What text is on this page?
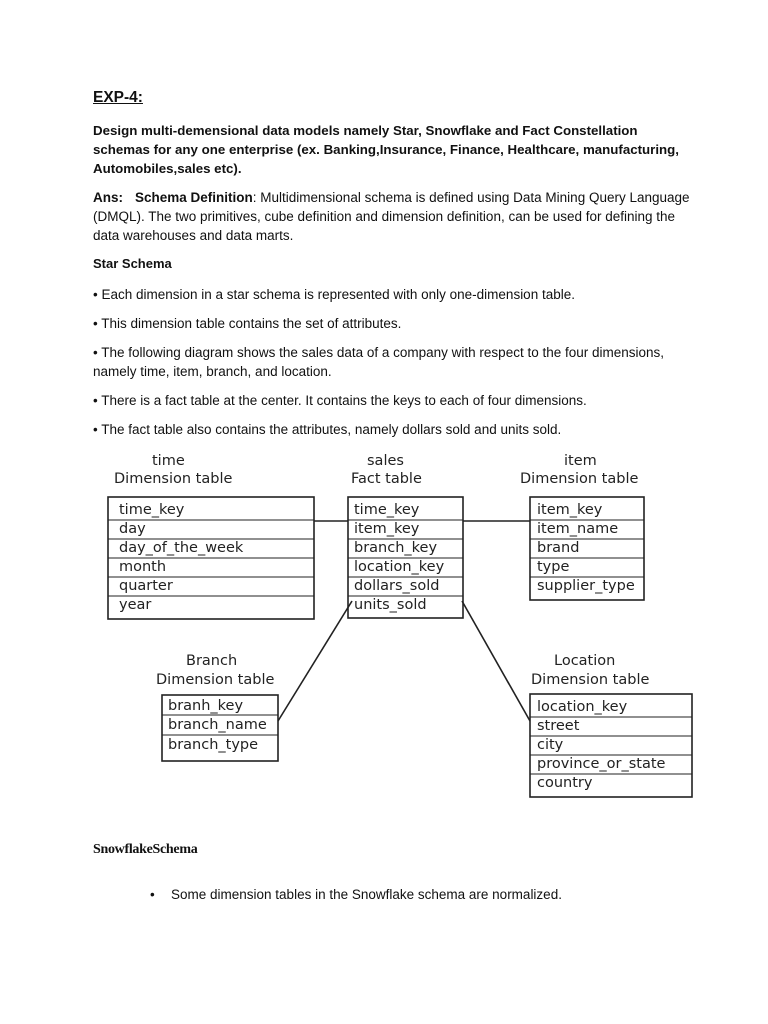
EXP-4:
Design multi-demensional data models namely Star, Snowflake and Fact Constellation schemas for any one enterprise (ex. Banking,Insurance, Finance, Healthcare, manufacturing, Automobiles,sales etc).
Ans: Schema Definition: Multidimensional schema is defined using Data Mining Query Language (DMQL). The two primitives, cube definition and dimension definition, can be used for defining the data warehouses and data marts.
Star Schema
• Each dimension in a star schema is represented with only one-dimension table.
• This dimension table contains the set of attributes.
• The following diagram shows the sales data of a company with respect to the four dimensions, namely time, item, branch, and location.
• There is a fact table at the center. It contains the keys to each of four dimensions.
• The fact table also contains the attributes, namely dollars sold and units sold.
time
Dimension table
time_key
day
day_of_the_week
month
quarter
year
sales
Fact table
time_key
item_key
branch_key
location_key
dollars_sold
units_sold
item
Dimension table
item_key
item_name
brand
type
supplier_type
Branch
Dimension table
branh_key
branch_name
branch_type
Location
Dimension table
location_key
street
city
province_or_state
country
SnowflakeSchema
• Some dimension tables in the Snowflake schema are normalized.
